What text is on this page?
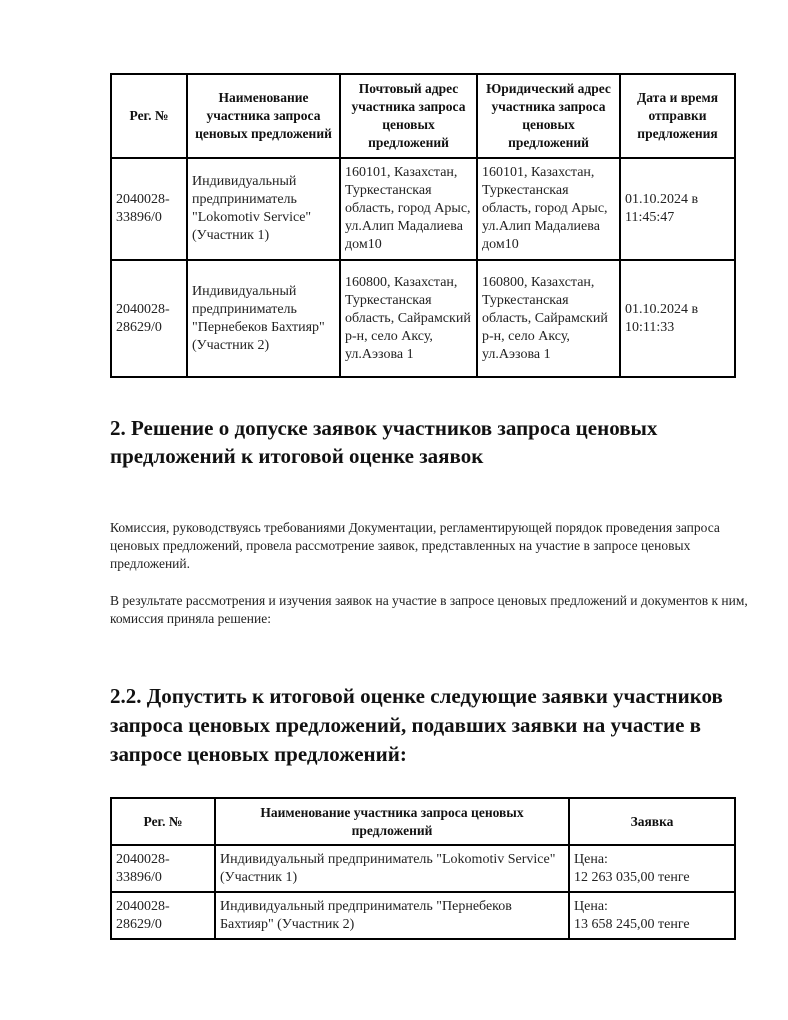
Рег. №	Наименование участника запроса ценовых предложений	Почтовый адрес участника запроса ценовых предложений	Юридический адрес участника запроса ценовых предложений	Дата и время отправки предложения
2040028-33896/0	Индивидуальный предприниматель "Lokomotiv Service" (Участник 1)	160101, Казахстан, Туркестанская область, город Арыс, ул.Алип Мадалиева дом10	160101, Казахстан, Туркестанская область, город Арыс, ул.Алип Мадалиева дом10	01.10.2024 в 11:45:47
2040028-28629/0	Индивидуальный предприниматель "Пернебеков Бахтияр" (Участник 2)	160800, Казахстан, Туркестанская область, Сайрамский р-н, село Аксу, ул.Аэзова 1	160800, Казахстан, Туркестанская область, Сайрамский р-н, село Аксу, ул.Аэзова 1	01.10.2024 в 10:11:33
2. Решение о допуске заявок участников запроса ценовых предложений к итоговой оценке заявок
Комиссия, руководствуясь требованиями Документации, регламентирующей порядок проведения запроса ценовых предложений, провела рассмотрение заявок, представленных на участие в запросе ценовых предложений.
В результате рассмотрения и изучения заявок на участие в запросе ценовых предложений и документов к ним, комиссия приняла решение:
2.2. Допустить к итоговой оценке следующие заявки участников запроса ценовых предложений, подавших заявки на участие в запросе ценовых предложений:
Рег. №	Наименование участника запроса ценовых предложений	Заявка
2040028-33896/0	Индивидуальный предприниматель "Lokomotiv Service" (Участник 1)	Цена:
12 263 035,00 тенге

2040028-28629/0	Индивидуальный предприниматель "Пернебеков Бахтияр" (Участник 2)	Цена:
13 658 245,00 тенге
